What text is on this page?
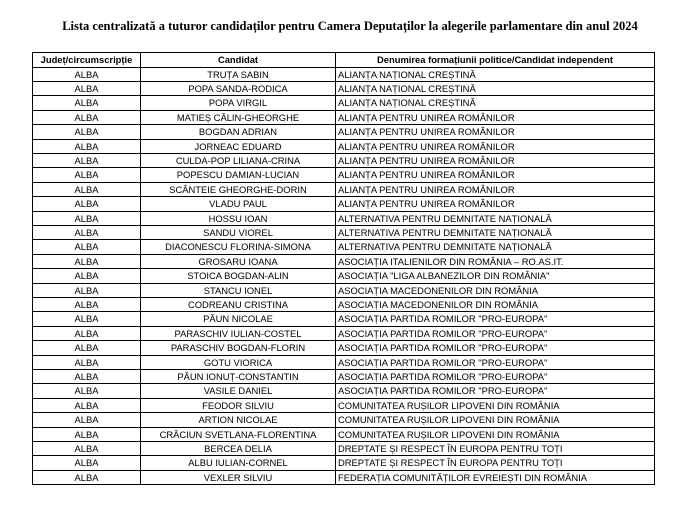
Lista centralizată a tuturor candidaților pentru Camera Deputaților la alegerile parlamentare din anul 2024
Județ/circumscripție	Candidat	Denumirea formațiunii politice/Candidat independent
ALBA	TRUȚA SABIN	ALIANȚA NAȚIONAL CREȘTINĂ
ALBA	POPA SANDA-RODICA	ALIANȚA NAȚIONAL CREȘTINĂ
ALBA	POPA VIRGIL	ALIANȚA NAȚIONAL CREȘTINĂ
ALBA	MATIEȘ CĂLIN-GHEORGHE	ALIANȚA PENTRU UNIREA ROMÂNILOR
ALBA	BOGDAN ADRIAN	ALIANȚA PENTRU UNIREA ROMÂNILOR
ALBA	JORNEAC EDUARD	ALIANȚA PENTRU UNIREA ROMÂNILOR
ALBA	CULDA-POP LILIANA-CRINA	ALIANȚA PENTRU UNIREA ROMÂNILOR
ALBA	POPESCU DAMIAN-LUCIAN	ALIANȚA PENTRU UNIREA ROMÂNILOR
ALBA	SCÂNTEIE GHEORGHE-DORIN	ALIANȚA PENTRU UNIREA ROMÂNILOR
ALBA	VLADU PAUL	ALIANȚA PENTRU UNIREA ROMÂNILOR
ALBA	HOSSU IOAN	ALTERNATIVA PENTRU DEMNITATE NAȚIONALĂ
ALBA	SANDU VIOREL	ALTERNATIVA PENTRU DEMNITATE NAȚIONALĂ
ALBA	DIACONESCU FLORINA-SIMONA	ALTERNATIVA PENTRU DEMNITATE NAȚIONALĂ
ALBA	GROSARU IOANA	ASOCIAȚIA ITALIENILOR DIN ROMÂNIA – RO.AS.IT.
ALBA	STOICA BOGDAN-ALIN	ASOCIAȚIA "LIGA ALBANEZILOR DIN ROMÂNIA"
ALBA	STANCU IONEL	ASOCIAȚIA MACEDONENILOR DIN ROMÂNIA
ALBA	CODREANU CRISTINA	ASOCIAȚIA MACEDONENILOR DIN ROMÂNIA
ALBA	PĂUN NICOLAE	ASOCIAȚIA PARTIDA ROMILOR "PRO-EUROPA"
ALBA	PARASCHIV IULIAN-COSTEL	ASOCIAȚIA PARTIDA ROMILOR "PRO-EUROPA"
ALBA	PARASCHIV BOGDAN-FLORIN	ASOCIAȚIA PARTIDA ROMILOR "PRO-EUROPA"
ALBA	GOTU VIORICA	ASOCIAȚIA PARTIDA ROMILOR "PRO-EUROPA"
ALBA	PĂUN IONUȚ-CONSTANTIN	ASOCIAȚIA PARTIDA ROMILOR "PRO-EUROPA"
ALBA	VASILE DANIEL	ASOCIAȚIA PARTIDA ROMILOR "PRO-EUROPA"
ALBA	FEODOR SILVIU	COMUNITATEA RUȘILOR LIPOVENI DIN ROMÂNIA
ALBA	ARTION NICOLAE	COMUNITATEA RUȘILOR LIPOVENI DIN ROMÂNIA
ALBA	CRĂCIUN SVETLANA-FLORENTINA	COMUNITATEA RUȘILOR LIPOVENI DIN ROMÂNIA
ALBA	BERCEA DELIA	DREPTATE ȘI RESPECT ÎN EUROPA PENTRU TOȚI
ALBA	ALBU IULIAN-CORNEL	DREPTATE ȘI RESPECT ÎN EUROPA PENTRU TOȚI
ALBA	VEXLER SILVIU	FEDERAȚIA COMUNITĂȚILOR EVREIEȘTI DIN ROMÂNIA
